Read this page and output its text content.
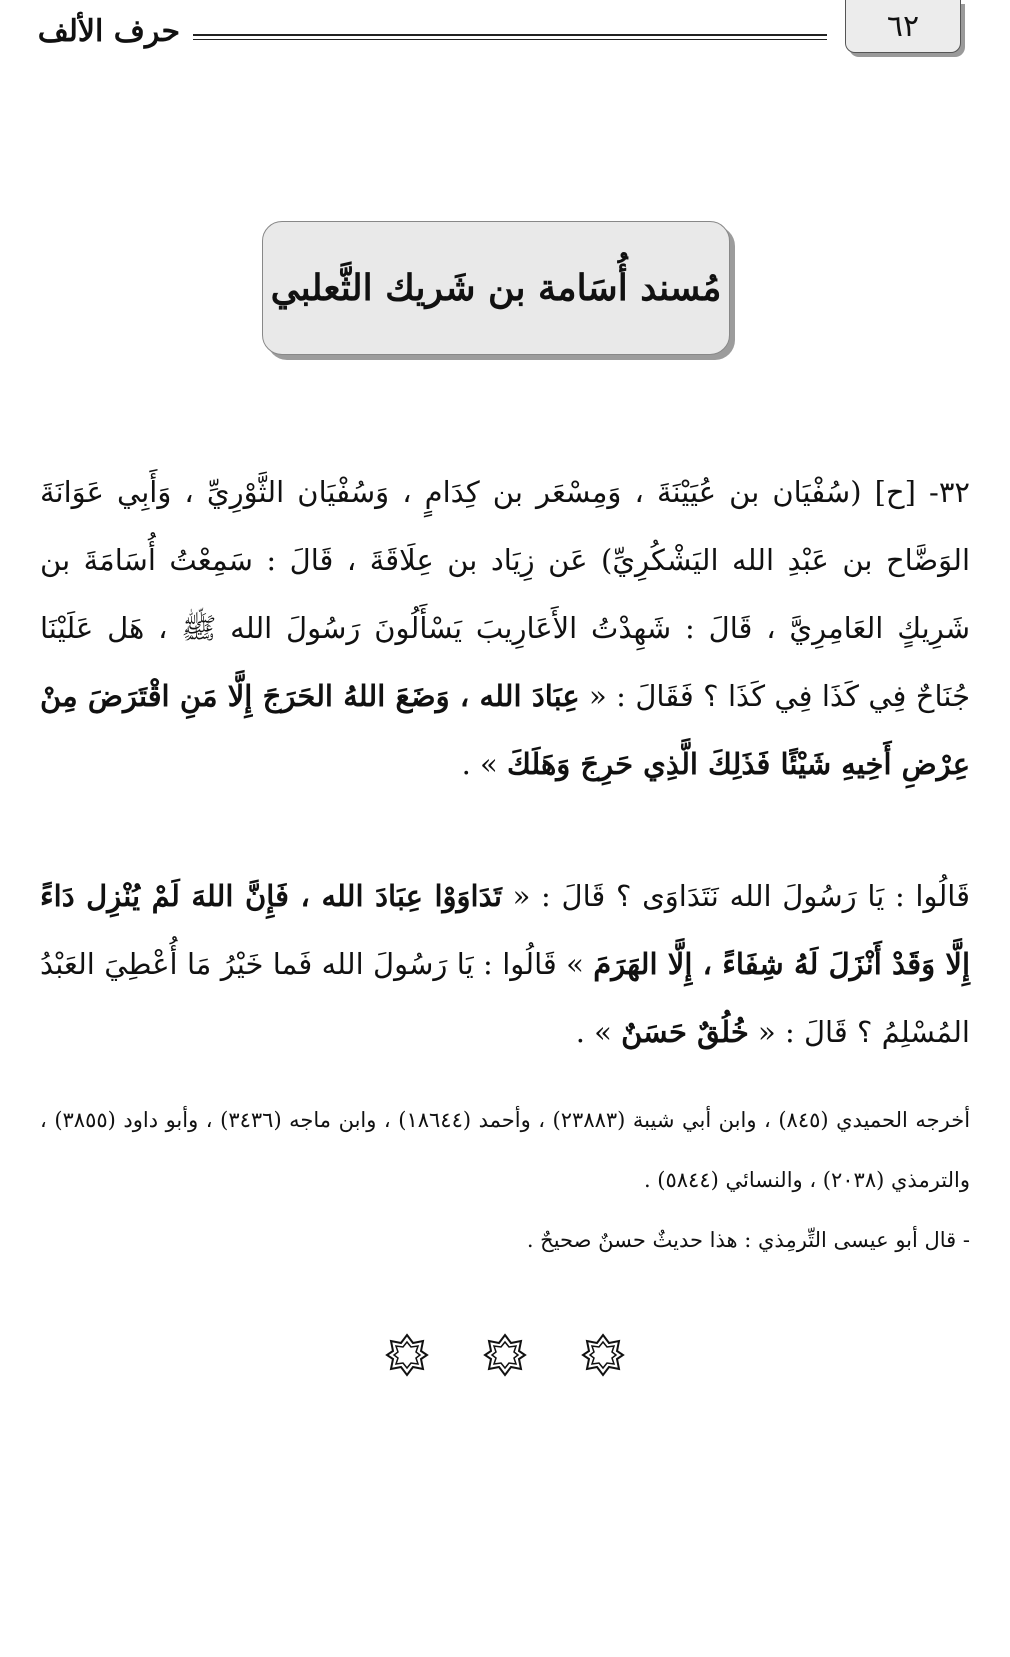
٦٢
حرف الألف
مُسند أُسَامة بن شَريك الثَّعلبي

٣٢- [ح] (سُفْيَان بن عُيَيْنَةَ ، وَمِسْعَر بن كِدَامٍ ، وَسُفْيَان الثَّوْرِيِّ ، وَأَبِي عَوَانَةَ الوَضَّاح بن عَبْدِ الله اليَشْكُرِيِّ) عَن زِيَاد بن عِلَاقَةَ ، قَالَ : سَمِعْتُ أُسَامَةَ بن شَرِيكٍ العَامِرِيَّ ، قَالَ : شَهِدْتُ الأَعَارِيبَ يَسْأَلُونَ رَسُولَ الله ﷺ ، هَل عَلَيْنَا جُنَاحٌ فِي كَذَا فِي كَذَا ؟ فَقَالَ : « عِبَادَ الله ، وَضَعَ اللهُ الحَرَجَ إِلَّا مَنِ اقْتَرَضَ مِنْ عِرْضِ أَخِيهِ شَيْئًا فَذَلِكَ الَّذِي حَرِجَ وَهَلَكَ » .

قَالُوا : يَا رَسُولَ الله نَتَدَاوَى ؟ قَالَ : « تَدَاوَوْا عِبَادَ الله ، فَإِنَّ اللهَ لَمْ يُنْزِل دَاءً إِلَّا وَقَدْ أَنْزَلَ لَهُ شِفَاءً ، إِلَّا الهَرَمَ » قَالُوا : يَا رَسُولَ الله فَما خَيْرُ مَا أُعْطِيَ العَبْدُ المُسْلِمُ ؟ قَالَ : « خُلُقٌ حَسَنٌ » .

أخرجه الحميدي (٨٤٥) ، وابن أبي شيبة (٢٣٨٨٣) ، وأحمد (١٨٦٤٤) ، وابن ماجه (٣٤٣٦) ، وأبو داود (٣٨٥٥) ، والترمذي (٢٠٣٨) ، والنسائي (٥٨٤٤) .

- قال أبو عيسى التِّرمِذي : هذا حديثٌ حسنٌ صحيحٌ .
